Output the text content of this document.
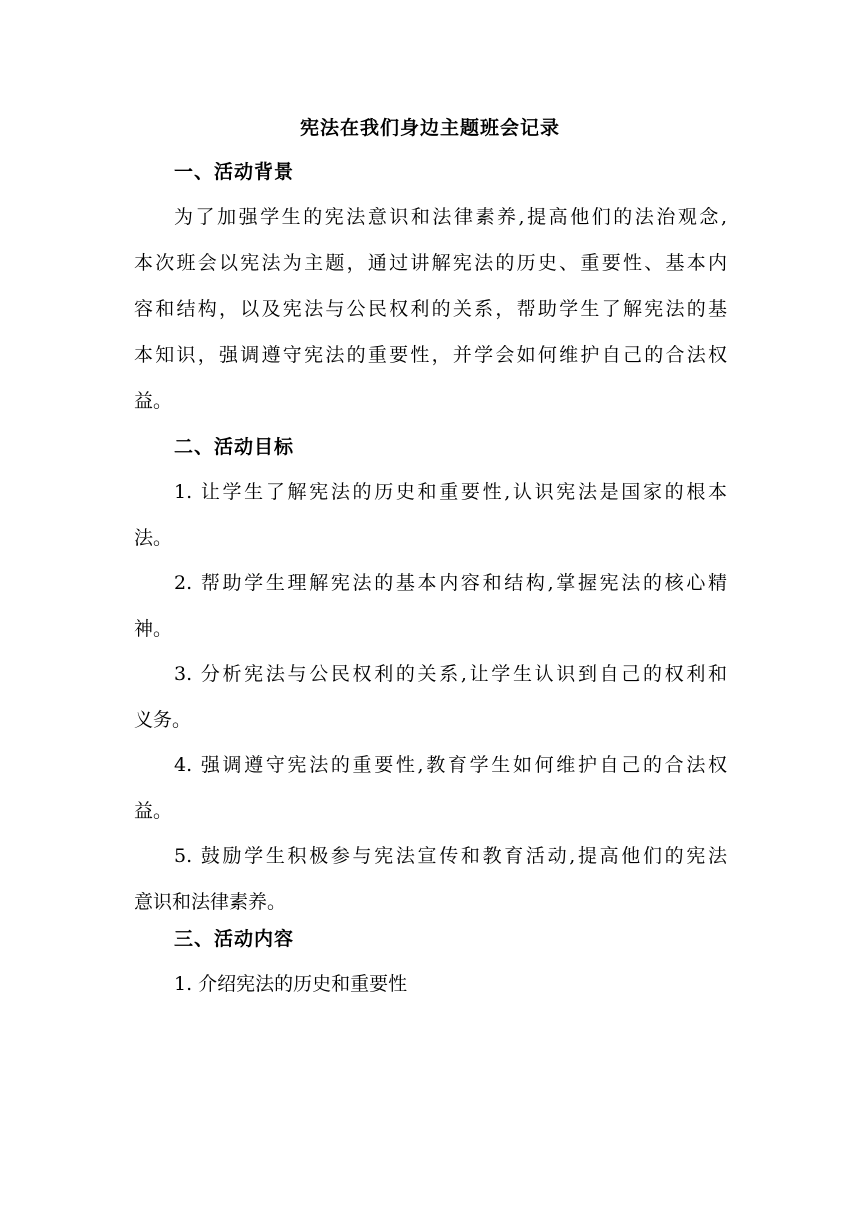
宪法在我们身边主题班会记录
一、活动背景
为了加强学生的宪法意识和法律素养,提高他们的法治观念,
本次班会以宪法为主题，通过讲解宪法的历史、重要性、基本内
容和结构，以及宪法与公民权利的关系，帮助学生了解宪法的基
本知识，强调遵守宪法的重要性，并学会如何维护自己的合法权
益。
二、活动目标
1. 让学生了解宪法的历史和重要性,认识宪法是国家的根本
法。
2. 帮助学生理解宪法的基本内容和结构,掌握宪法的核心精
神。
3. 分析宪法与公民权利的关系,让学生认识到自己的权利和
义务。
4. 强调遵守宪法的重要性,教育学生如何维护自己的合法权
益。
5. 鼓励学生积极参与宪法宣传和教育活动,提高他们的宪法
意识和法律素养。
三、活动内容
1. 介绍宪法的历史和重要性
